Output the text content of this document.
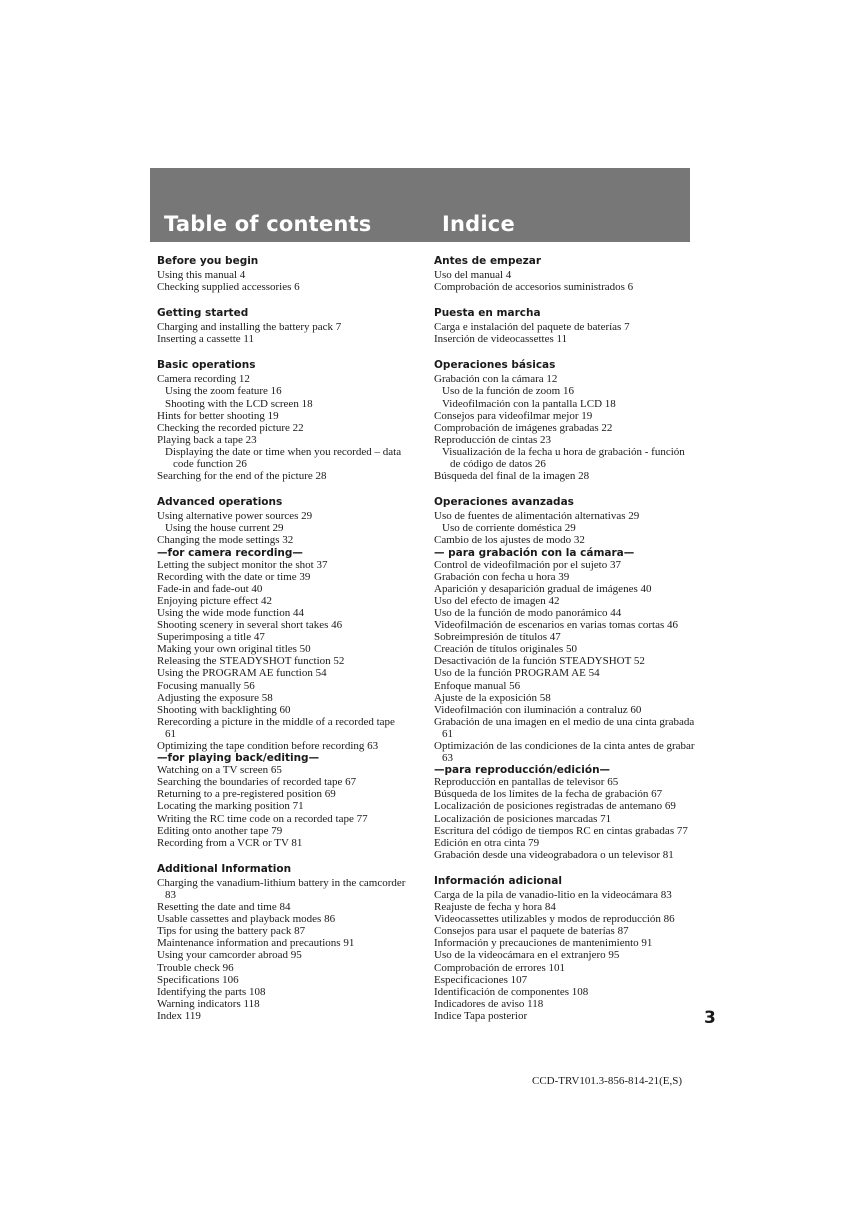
Table of contents	Indice
Before you begin
Using this manual 4
Checking supplied accessories 6
Getting started
Charging and installing the battery pack 7
Inserting a cassette 11
Basic operations
Camera recording 12
Using the zoom feature 16
Shooting with the LCD screen 18
Hints for better shooting 19
Checking the recorded picture 22
Playing back a tape 23
Displaying the date or time when you recorded – data code function 26
Searching for the end of the picture 28
Advanced operations
Using alternative power sources 29
Using the house current 29
Changing the mode settings 32
—for camera recording—
Letting the subject monitor the shot 37
Recording with the date or time 39
Fade-in and fade-out 40
Enjoying picture effect 42
Using the wide mode function 44
Shooting scenery in several short takes 46
Superimposing a title 47
Making your own original titles 50
Releasing the STEADYSHOT function 52
Using the PROGRAM AE function 54
Focusing manually 56
Adjusting the exposure 58
Shooting with backlighting 60
Rerecording a picture in the middle of a recorded tape 61
Optimizing the tape condition before recording 63
—for playing back/editing—
Watching on a TV screen 65
Searching the boundaries of recorded tape 67
Returning to a pre-registered position 69
Locating the marking position 71
Writing the RC time code on a recorded tape 77
Editing onto another tape 79
Recording from a VCR or TV 81
Additional Information
Charging the vanadium-lithium battery in the camcorder 83
Resetting the date and time 84
Usable cassettes and playback modes 86
Tips for using the battery pack 87
Maintenance information and precautions 91
Using your camcorder abroad 95
Trouble check 96
Specifications 106
Identifying the parts 108
Warning indicators 118
Index 119
Antes de empezar
Uso del manual 4
Comprobación de accesorios suministrados 6
Puesta en marcha
Carga e instalación del paquete de baterías 7
Inserción de videocassettes 11
Operaciones básicas
Grabación con la cámara 12
Uso de la función de zoom 16
Videofilmación con la pantalla LCD 18
Consejos para videofilmar mejor 19
Comprobación de imágenes grabadas 22
Reproducción de cintas 23
Visualización de la fecha u hora de grabación - función de código de datos 26
Búsqueda del final de la imagen 28
Operaciones avanzadas
Uso de fuentes de alimentación alternativas 29
Uso de corriente doméstica 29
Cambio de los ajustes de modo 32
— para grabación con la cámara—
Control de videofilmación por el sujeto 37
Grabación con fecha u hora 39
Aparición y desaparición gradual de imágenes 40
Uso del efecto de imagen 42
Uso de la función de modo panorámico 44
Videofilmación de escenarios en varias tomas cortas 46
Sobreimpresión de títulos 47
Creación de títulos originales 50
Desactivación de la función STEADYSHOT 52
Uso de la función PROGRAM AE 54
Enfoque manual 56
Ajuste de la exposición 58
Videofilmación con iluminación a contraluz 60
Grabación de una imagen en el medio de una cinta grabada 61
Optimización de las condiciones de la cinta antes de grabar 63
—para reproducción/edición—
Reproducción en pantallas de televisor 65
Búsqueda de los límites de la fecha de grabación 67
Localización de posiciones registradas de antemano 69
Localización de posiciones marcadas 71
Escritura del código de tiempos RC en cintas grabadas 77
Edición en otra cinta 79
Grabación desde una videograbadora o un televisor 81
Información adicional
Carga de la pila de vanadio-litio en la videocámara 83
Reajuste de fecha y hora 84
Videocassettes utilizables y modos de reproducción 86
Consejos para usar el paquete de baterías 87
Información y precauciones de mantenimiento 91
Uso de la videocámara en el extranjero 95
Comprobación de errores 101
Especificaciones 107
Identificación de componentes 108
Indicadores de aviso 118
Indice Tapa posterior	3
CCD-TRV101.3-856-814-21(E,S)
